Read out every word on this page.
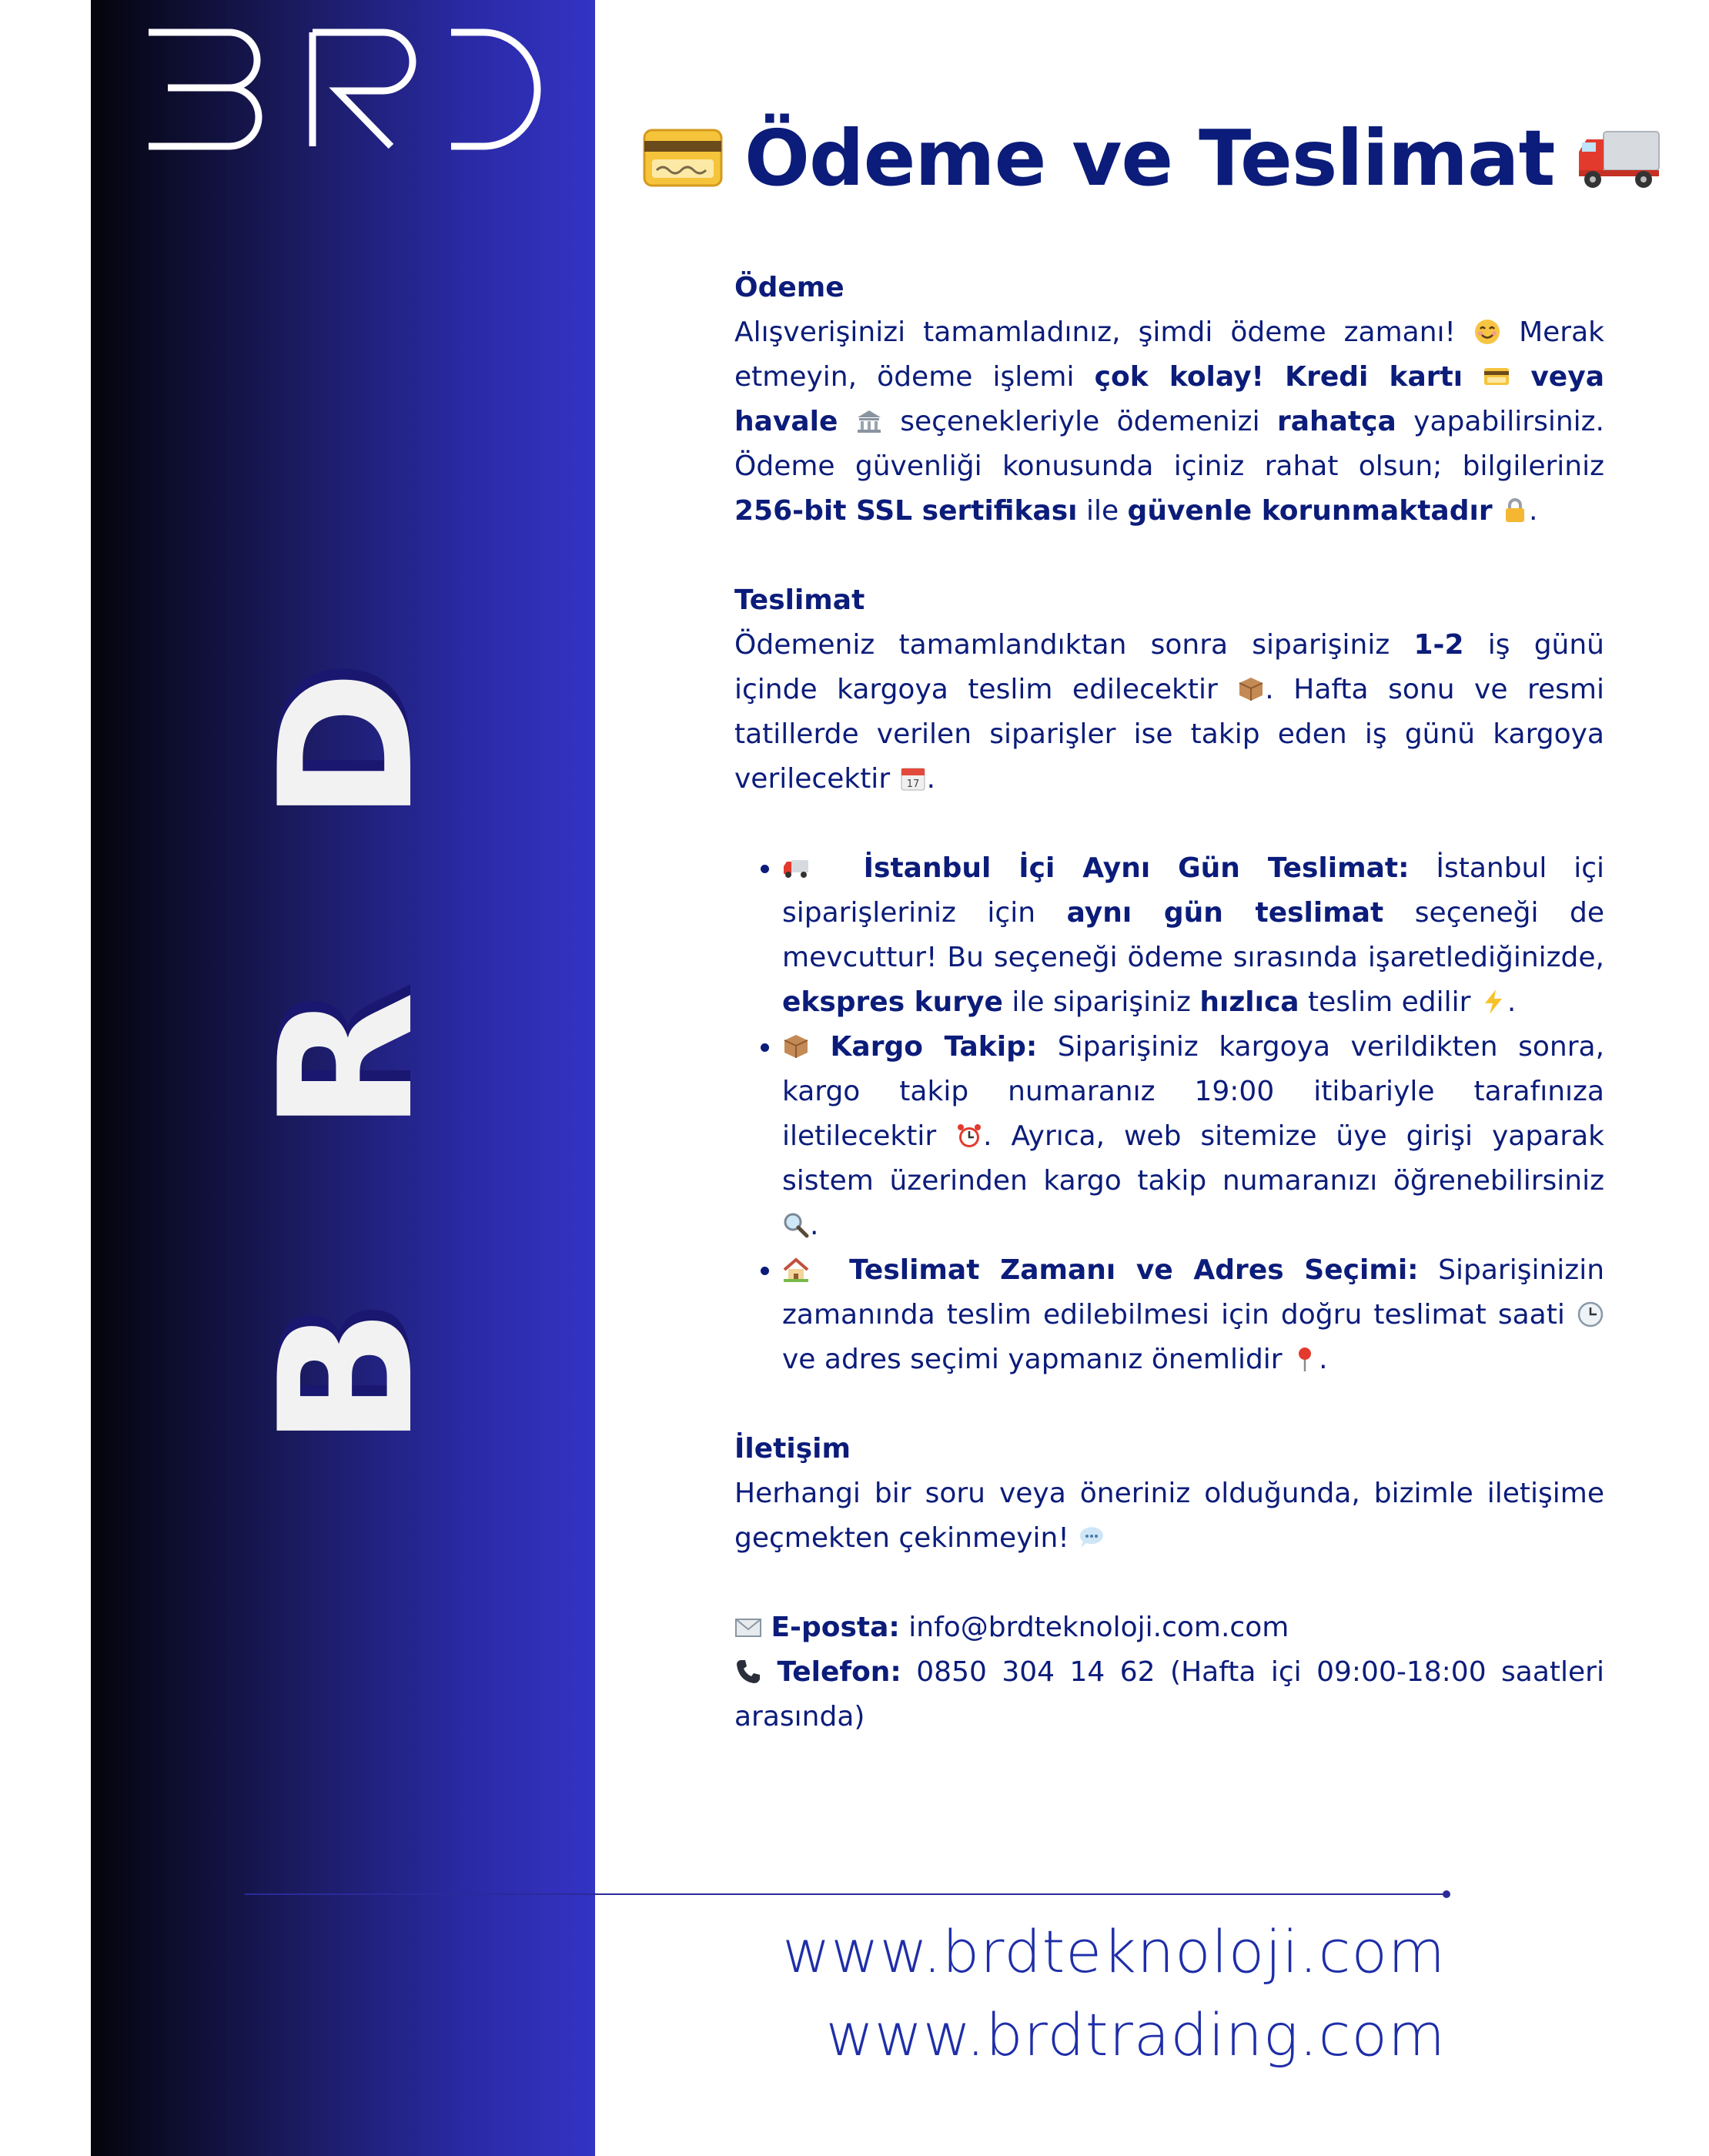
D
R
B
Ödeme ve Teslimat

Ödeme

Alışverişinizi tamamladınız, şimdi ödeme zamanı! Merak etmeyin, ödeme işlemi çok kolay! Kredi kartı veya havale seçenekleriyle ödemenizi rahatça yapabilirsiniz. Ödeme güvenliği konusunda içiniz rahat olsun; bilgileriniz 256-bit SSL sertifikası ile güvenle korunmaktadır .

Teslimat

Ödemeniz tamamlandıktan sonra siparişiniz 1-2 iş günü içinde kargoya teslim edilecektir . Hafta sonu ve resmi tatillerde verilen siparişler ise takip eden iş günü kargoya verilecektir 17 .

• İstanbul İçi Aynı Gün Teslimat: İstanbul içi siparişleriniz için aynı gün teslimat seçeneği de mevcuttur! Bu seçeneği ödeme sırasında işaretlediğinizde, ekspres kurye ile siparişiniz hızlıca teslim edilir .
• Kargo Takip: Siparişiniz kargoya verildikten sonra, kargo takip numaranız 19:00 itibariyle tarafınıza iletilecektir . Ayrıca, web sitemize üye girişi yaparak sistem üzerinden kargo takip numaranızı öğrenebilirsiniz .
• Teslimat Zamanı ve Adres Seçimi: Siparişinizin zamanında teslim edilebilmesi için doğru teslimat saati  ve adres seçimi yapmanız önemlidir .

İletişim

Herhangi bir soru veya öneriniz olduğunda, bizimle iletişime geçmekten çekinmeyin!

E-posta: info@brdteknoloji.com.com

Telefon: 0850 304 14 62 (Hafta içi 09:00-18:00 saatleri arasında)

www.brdteknoloji.com
www.brdtrading.com
